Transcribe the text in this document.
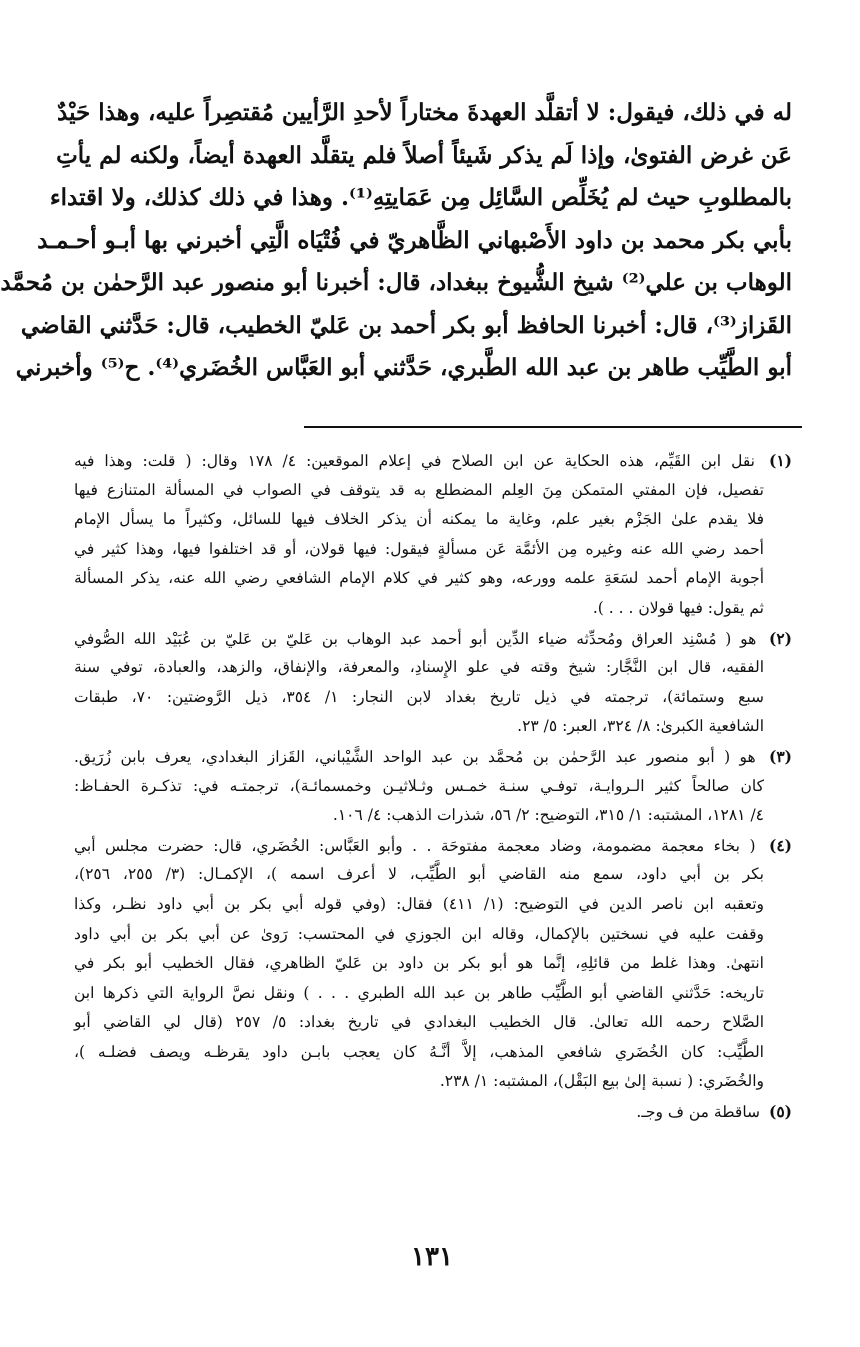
له في ذلك، فيقول: لا أتقلَّد العهدةَ مختاراً لأحدِ الرَّأيين مُقتصِراً عليه، وهذا حَيْدٌ
عَن غرض الفتوىٰ، وإذا لَم يذكر شَيئاً أصلاً فلم يتقلَّد العهدة أيضاً، ولكنه لم يأتِ
بالمطلوبِ حيث لم يُخَلِّص السَّائِل مِن عَمَايتِهِ⁽¹⁾. وهذا في ذلك كذلك، ولا اقتداء
بأبي بكر محمد بن داود الأَصْبهاني الظَّاهريّ في فُتْيَاه الَّتِي أخبرني بها أبـو أحـمـد
الوهاب بن علي⁽²⁾ شيخ الشُّيوخ ببغداد، قال: أخبرنا أبو منصور عبد الرَّحمٰن بن مُحمَّد
القَزاز⁽³⁾، قال: أخبرنا الحافظ أبو بكر أحمد بن عَليّ الخطيب، قال: حَدَّثني القاضي
أبو الطَّيِّب طاهر بن عبد الله الطَّبري، حَدَّثني أبو العَبَّاس الخُضَري⁽⁴⁾. ح⁽⁵⁾ وأخبرني
(١) نقل ابن القَيِّم، هذه الحكاية عن ابن الصلاح في إعلام الموقعين: ٤/ ١٧٨ وقال: ( قلت: وهذا فيه
تفصيل، فإن المفتي المتمكن مِنَ العِلم المضطلع به قد يتوقف في الصواب في المسألة المتنازع فيها
فلا يقدم علىٰ الجَزْم بغير علم، وغاية ما يمكنه أن يذكر الخلاف فيها للسائل، وكثيراً ما يسأل الإمام
أحمد رضي الله عنه وغيره مِن الأئمَّة عَن مسألةٍ فيقول: فيها قولان، أو قد اختلفوا فيها، وهذا كثير في
أجوبة الإمام أحمد لسَعَةِ علمه وورعه، وهو كثير في كلام الإمام الشافعي رضي الله عنه، يذكر المسألة
ثم يقول: فيها قولان . . . ).
(٢) هو ( مُسْنِد العراق ومُحدِّثه ضياء الدِّين أبو أحمد عبد الوهاب بن عَليّ بن عَليّ بن عُبَيْد الله الصُّوفي
الفقيه، قال ابن النَّجَّار: شيخ وقته في علو الإِسنادِ، والمعرفة، والإنفاق، والزهد، والعبادة، توفي سنة
سبع وستمائة)، ترجمته في ذيل تاريخ بغداد لابن النجار: ١/ ٣٥٤، ذيل الرَّوضتين: ٧٠، طبقات
الشافعية الكبرىٰ: ٨/ ٣٢٤، العبر: ٥/ ٢٣.
(٣) هو ( أبو منصور عبد الرَّحمٰن بن مُحمَّد بن عبد الواحد الشَّيْباني، القَزاز البغدادي، يعرف بابن زُرَيق.
كان صالحاً كثير الـروايـة، توفـي سنـة خمـس وثـلاثيـن وخمسمائـة)، ترجمتـه في: تذكـرة الحفـاظ:
٤/ ١٢٨١، المشتبه: ١/ ٣١٥، التوضيح: ٢/ ٥٦، شذرات الذهب: ٤/ ١٠٦.
(٤) ( بخاء معجمة مضمومة، وضاد معجمة مفتوحَة . . وأبو العَبَّاس: الخُضَري، قال: حضرت مجلس أبي
بكر بن أبي داود، سمع منه القاضي أبو الطَّيِّب، لا أعرف اسمه )، الإكمـال: (٣/ ٢٥٥، ٢٥٦)،
وتعقبه ابن ناصر الدين في التوضيح: (١/ ٤١١) فقال: (وفي قوله أبي بكر بن أبي داود نظـر، وكذا
وقفت عليه في نسختين بالإكمال، وقاله ابن الجوزي في المحتسب: رَوىٰ عن أبي بكر بن أبي داود
انتهىٰ. وهذا غلط من قائلِهِ، إنَّما هو أبو بكر بن داود بن عَليّ الظاهري، فقال الخطيب أبو بكر في
تاريخه: حَدَّثني القاضي أبو الطَّيِّب طاهر بن عبد الله الطبري . . . ) ونقل نصَّ الرواية التي ذكرها ابن
الصَّلاح رحمه الله تعالىٰ. قال الخطيب البغدادي في تاريخ بغداد: ٥/ ٢٥٧ (قال لي القاضي أبو
الطَّيِّب: كان الخُضَري شافعي المذهب، إلاَّ أنَّـهُ كان يعجب بابـن داود يقرظـه ويصف فضلـه )،
والخُضَري: ( نسبة إلىٰ بيع البَقْل)، المشتبه: ١/ ٢٣٨.
(٥) ساقطة من ف وجـ.
١٣١
